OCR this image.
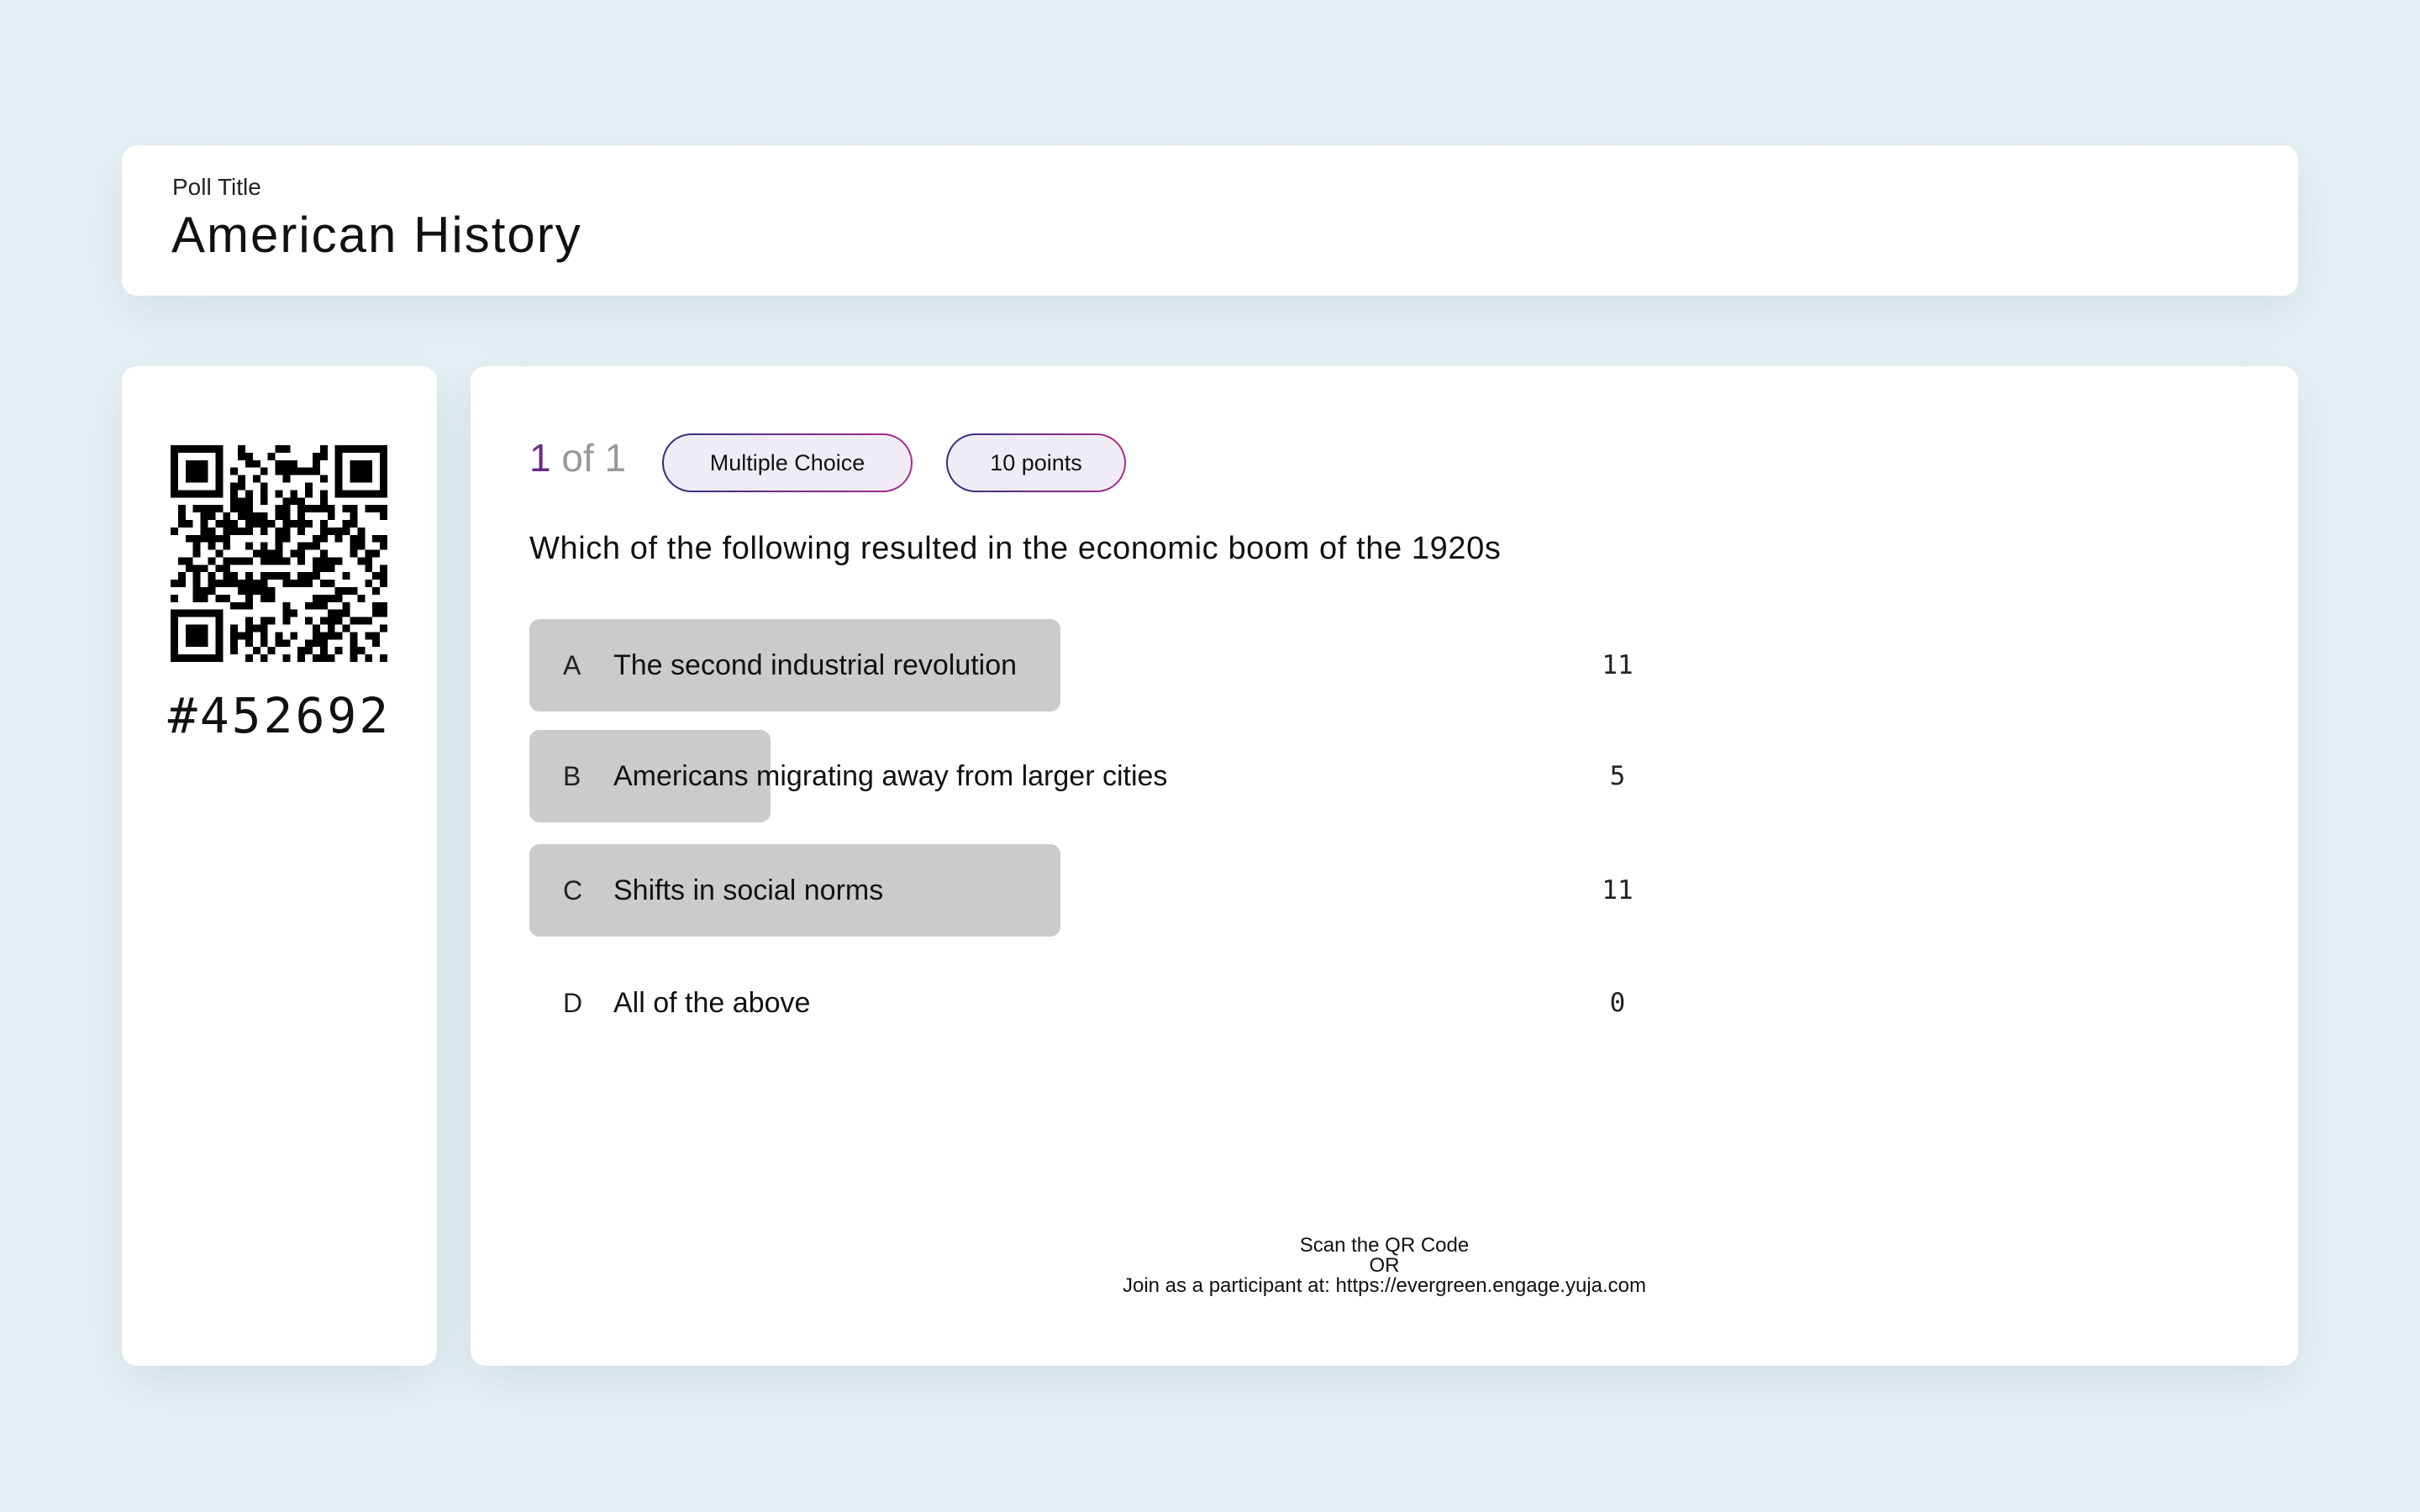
Poll Title
American History
#452692
1 of 1	Multiple Choice	10 points
Which of the following resulted in the economic boom of the 1920s
A The second industrial revolution	11
B Americans migrating away from larger cities	5
C Shifts in social norms	11
D All of the above	0
Scan the QR Code
OR
Join as a participant at: https://evergreen.engage.yuja.com
